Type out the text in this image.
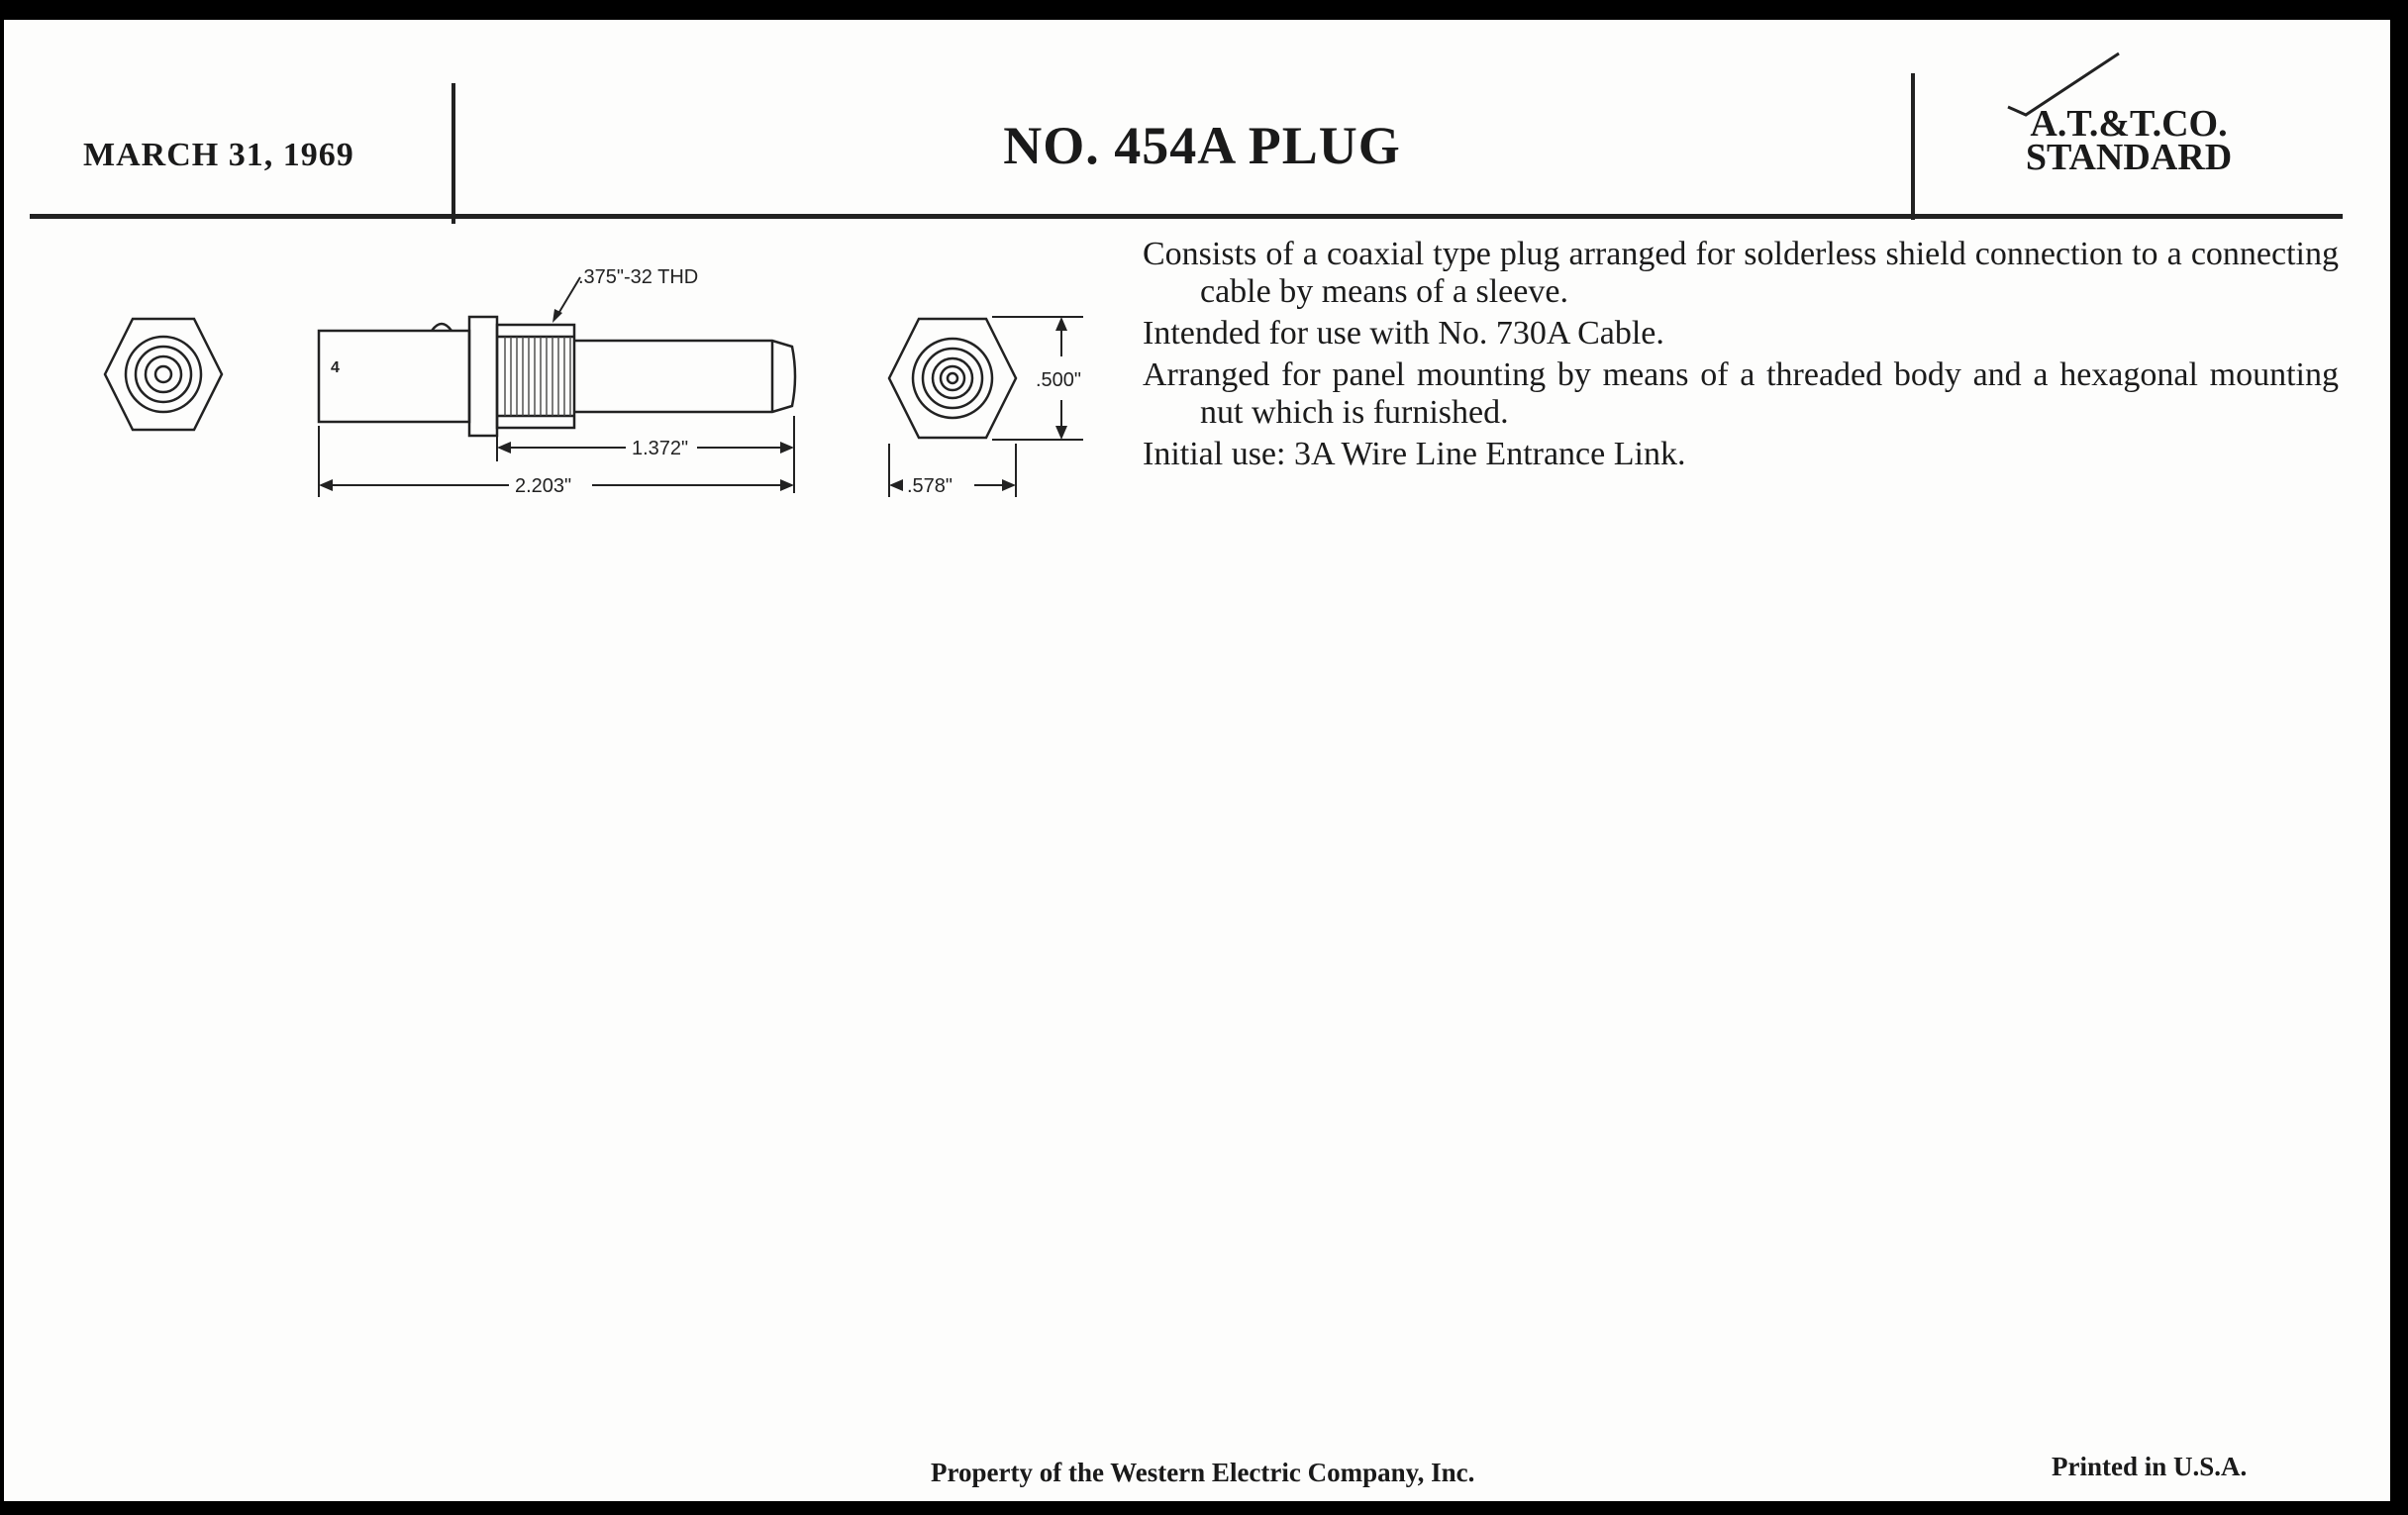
MARCH 31, 1969	NO. 454A PLUG	A.T.&T.CO.
STANDARD
4
.375"-32 THD
1.372"
2.203"
.500"
.578"

Consists of a coaxial type plug arranged for solderless shield connection to a connecting cable by means of a sleeve.

Intended for use with No. 730A Cable.

Arranged for panel mounting by means of a threaded body and a hexagonal mounting nut which is furnished.

Initial use: 3A Wire Line Entrance Link.

Property of the Western Electric Company, Inc.	Printed in U.S.A.
